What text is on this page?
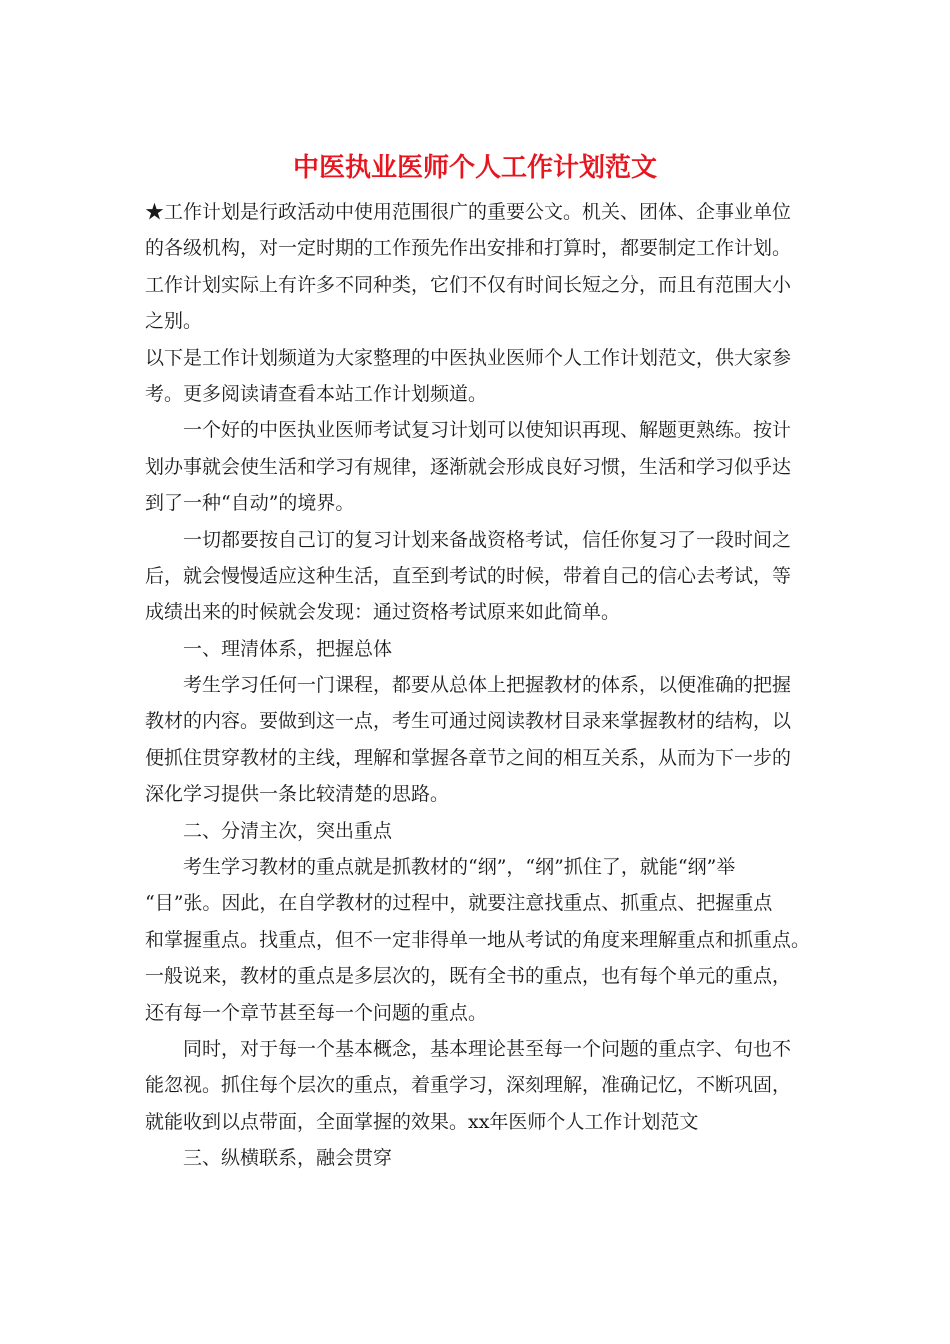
中医执业医师个人工作计划范文
★工作计划是行政活动中使用范围很广的重要公文。机关、团体、企事业单位
的各级机构，对一定时期的工作预先作出安排和打算时，都要制定工作计划。
工作计划实际上有许多不同种类，它们不仅有时间长短之分，而且有范围大小
之别。
以下是工作计划频道为大家整理的中医执业医师个人工作计划范文，供大家参
考。更多阅读请查看本站工作计划频道。
一个好的中医执业医师考试复习计划可以使知识再现、解题更熟练。按计
划办事就会使生活和学习有规律，逐渐就会形成良好习惯，生活和学习似乎达
到了一种“自动”的境界。
一切都要按自己订的复习计划来备战资格考试，信任你复习了一段时间之
后，就会慢慢适应这种生活，直至到考试的时候，带着自己的信心去考试，等
成绩出来的时候就会发现：通过资格考试原来如此简单。
一、理清体系，把握总体
考生学习任何一门课程，都要从总体上把握教材的体系，以便准确的把握
教材的内容。要做到这一点，考生可通过阅读教材目录来掌握教材的结构，以
便抓住贯穿教材的主线，理解和掌握各章节之间的相互关系，从而为下一步的
深化学习提供一条比较清楚的思路。
二、分清主次，突出重点
考生学习教材的重点就是抓教材的“纲”，“纲”抓住了，就能“纲”举
“目”张。因此，在自学教材的过程中，就要注意找重点、抓重点、把握重点
和掌握重点。找重点，但不一定非得单一地从考试的角度来理解重点和抓重点。
一般说来，教材的重点是多层次的，既有全书的重点，也有每个单元的重点，
还有每一个章节甚至每一个问题的重点。
同时，对于每一个基本概念，基本理论甚至每一个问题的重点字、句也不
能忽视。抓住每个层次的重点，着重学习，深刻理解，准确记忆，不断巩固，
就能收到以点带面，全面掌握的效果。xx年医师个人工作计划范文
三、纵横联系，融会贯穿
